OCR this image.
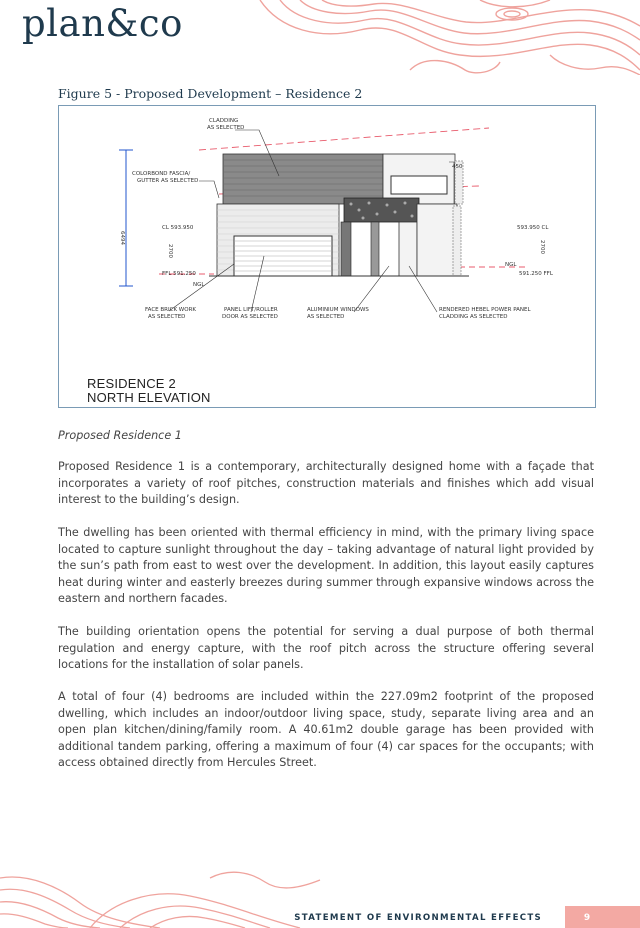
plan&co
Figure 5 - Proposed Development – Residence 2
CLADDING
AS SELECTED
COLORBOND FASCIA/
GUTTER AS SELECTED
450
6494
CL 593.950	593.950 CL
2700	2700
FFL 591.250	591.250 FFL
NGL
NGL
FACE BRICK WORK
AS SELECTED
PANEL LIFT/ROLLER
DOOR AS SELECTED
ALUMINIUM WINDOWS
AS SELECTED
RENDERED HEBEL POWER PANEL
CLADDING AS SELECTED
RESIDENCE 2
NORTH ELEVATION
Proposed Residence 1
Proposed Residence 1 is a contemporary, architecturally designed home with a façade that incorporates a variety of roof pitches, construction materials and finishes which add visual interest to the building’s design.
The dwelling has been oriented with thermal efficiency in mind, with the primary living space located to capture sunlight throughout the day – taking advantage of natural light provided by the sun’s path from east to west over the development. In addition, this layout easily captures heat during winter and easterly breezes during summer through expansive windows across the eastern and northern facades.
The building orientation opens the potential for serving a dual purpose of both thermal regulation and energy capture, with the roof pitch across the structure offering several locations for the installation of solar panels.
A total of four (4) bedrooms are included within the 227.09m2 footprint of the proposed dwelling, which includes an indoor/outdoor living space, study, separate living area and an open plan kitchen/dining/family room. A 40.61m2 double garage has been provided with additional tandem parking, offering a maximum of four (4) car spaces for the occupants; with access obtained directly from Hercules Street.
STATEMENT OF ENVIRONMENTAL EFFECTS	9
